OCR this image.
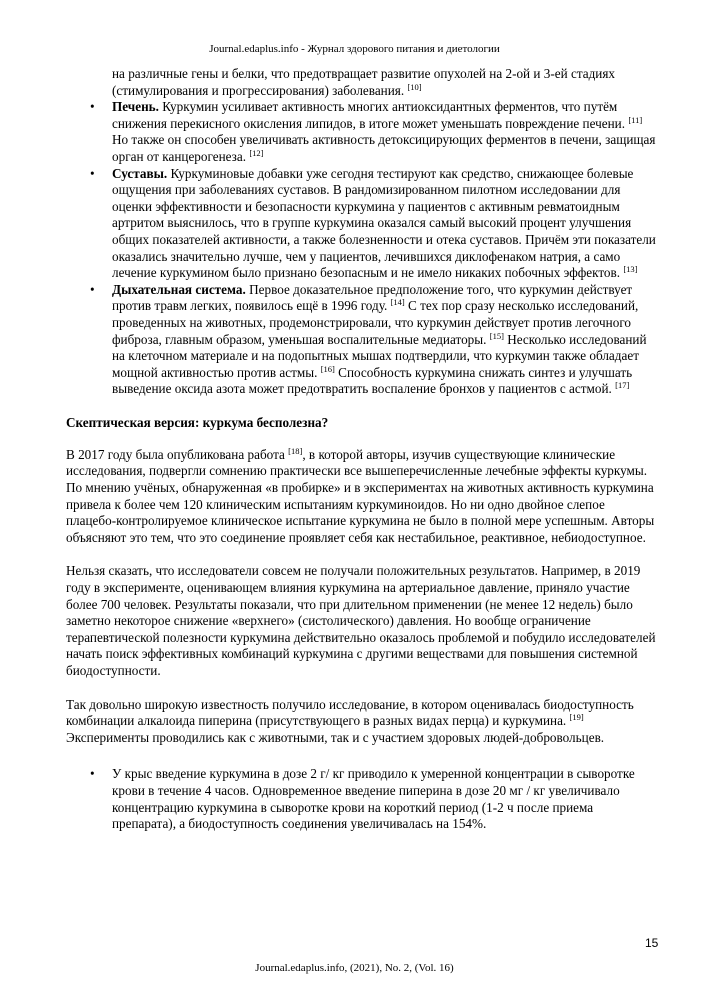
Journal.edaplus.info - Журнал здорового питания и диетологии
на различные гены и белки, что предотвращает развитие опухолей на 2-ой и 3-ей стадиях (стимулирования и прогрессирования) заболевания. [10]
• Печень. Куркумин усиливает активность многих антиоксидантных ферментов, что путём снижения перекисного окисления липидов, в итоге может уменьшать повреждение печени. [11] Но также он способен увеличивать активность детоксицирующих ферментов в печени, защищая орган от канцерогенеза. [12]
• Суставы. Куркуминовые добавки уже сегодня тестируют как средство, снижающее болевые ощущения при заболеваниях суставов. В рандомизированном пилотном исследовании для оценки эффективности и безопасности куркумина у пациентов с активным ревматоидным артритом выяснилось, что в группе куркумина оказался самый высокий процент улучшения общих показателей активности, а также болезненности и отека суставов. Причём эти показатели оказались значительно лучше, чем у пациентов, лечившихся диклофенаком натрия, а само лечение куркумином было признано безопасным и не имело никаких побочных эффектов. [13]
• Дыхательная система. Первое доказательное предположение того, что куркумин действует против травм легких, появилось ещё в 1996 году. [14] С тех пор сразу несколько исследований, проведенных на животных, продемонстрировали, что куркумин действует против легочного фиброза, главным образом, уменьшая воспалительные медиаторы. [15] Несколько исследований на клеточном материале и на подопытных мышах подтвердили, что куркумин также обладает мощной активностью против астмы. [16] Способность куркумина снижать синтез и улучшать выведение оксида азота может предотвратить воспаление бронхов у пациентов с астмой. [17]
Скептическая версия: куркума бесполезна?

В 2017 году была опубликована работа [18], в которой авторы, изучив существующие клинические исследования, подвергли сомнению практически все вышеперечисленные лечебные эффекты куркумы. По мнению учёных, обнаруженная «в пробирке» и в экспериментах на животных активность куркумина привела к более чем 120 клиническим испытаниям куркуминоидов. Но ни одно двойное слепое плацебо-контролируемое клиническое испытание куркумина не было в полной мере успешным. Авторы объясняют это тем, что это соединение проявляет себя как нестабильное, реактивное, небиодоступное.

Нельзя сказать, что исследователи совсем не получали положительных результатов. Например, в 2019 году в эксперименте, оценивающем влияния куркумина на артериальное давление, приняло участие более 700 человек. Результаты показали, что при длительном применении (не менее 12 недель) было заметно некоторое снижение «верхнего» (систолического) давления. Но вообще ограничение терапевтической полезности куркумина действительно оказалось проблемой и побудило исследователей начать поиск эффективных комбинаций куркумина с другими веществами для повышения системной биодоступности.

Так довольно широкую известность получило исследование, в котором оценивалась биодоступность комбинации алкалоида пиперина (присутствующего в разных видах перца) и куркумина. [19] Эксперименты проводились как с животными, так и с участием здоровых людей-добровольцев.

• У крыс введение куркумина в дозе 2 г/ кг приводило к умеренной концентрации в сыворотке крови в течение 4 часов. Одновременное введение пиперина в дозе 20 мг / кг увеличивало концентрацию куркумина в сыворотке крови на короткий период (1-2 ч после приема препарата), а биодоступность соединения увеличивалась на 154%.
15
Journal.edaplus.info, (2021), No. 2, (Vol. 16)
